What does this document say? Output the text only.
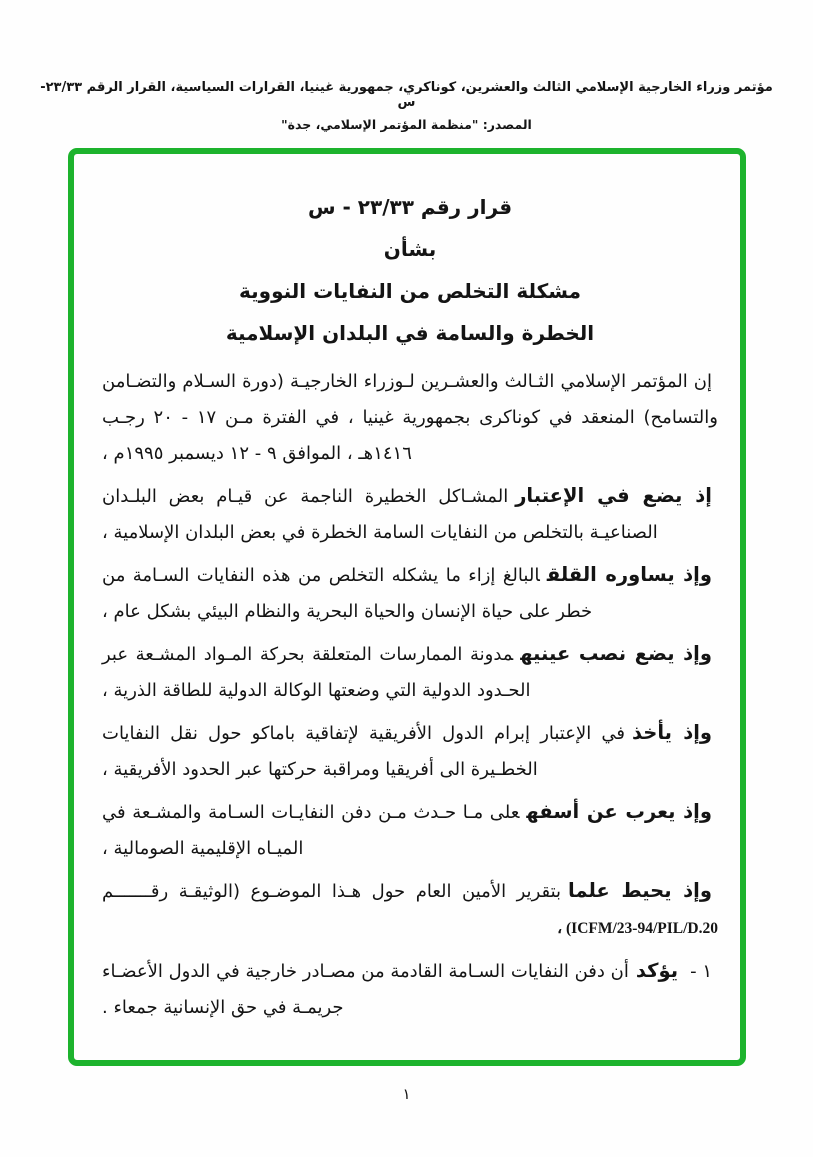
مؤتمر وزراء الخارجية الإسلامي الثالث والعشرين، كوناكري، جمهورية غينيا، القرارات السياسية، القرار الرقم ٢٣/٣٣-س
المصدر: "منظمة المؤتمر الإسلامي، جدة"
قرار رقم ٢٣/٣٣ - س
بشأن
مشكلة التخلص من النفايات النووية
الخطرة والسامة في البلدان الإسلامية

إن المؤتمر الإسلامي الثـالث والعشـرين لـوزراء الخارجيـة (دورة السـلام والتضـامن والتسامح) المنعقد في كوناكرى بجمهورية غينيا ، في الفترة مـن ١٧ - ٢٠ رجـب ١٤١٦هـ ، الموافق ٩ - ١٢ ديسمبر ١٩٩٥م ،

إذ يضع في الإعتبارالمشـاكل الخطيرة الناجمة عن قيـام بعض البلـدان الصناعيـة بالتخلص من النفايات السامة الخطرة في بعض البلدان الإسلامية ،

وإذ يساوره القلقالبالغ إزاء ما يشكله التخلص من هذه النفايات السـامة من خطر على حياة الإنسان والحياة البحرية والنظام البيئي بشكل عام ،

وإذ يضع نصب عينيهمدونة الممارسات المتعلقة بحركة المـواد المشـعة عبر الحـدود الدولية التي وضعتها الوكالة الدولية للطاقة الذرية ،

وإذ يأخذفي الإعتبار إبرام الدول الأفريقية لإتفاقية باماكو حول نقل النفايات الخطـيرة الى أفريقيا ومراقبة حركتها عبر الحدود الأفريقية ،

وإذ يعرب عن أسفهعلى مـا حـدث مـن دفن النفايـات السـامة والمشـعة في الميـاه الإقليمية الصومالية ،

وإذ يحيط علمابتقرير الأمين العام حول هـذا الموضـوع (الوثيقـة رقـــــــم
، (ICFM/23-94/PIL/D.20

١ -يؤكدأن دفن النفايات السـامة القادمة من مصـادر خارجية في الدول الأعضـاء جريمـة في حق الإنسانية جمعاء .

١
